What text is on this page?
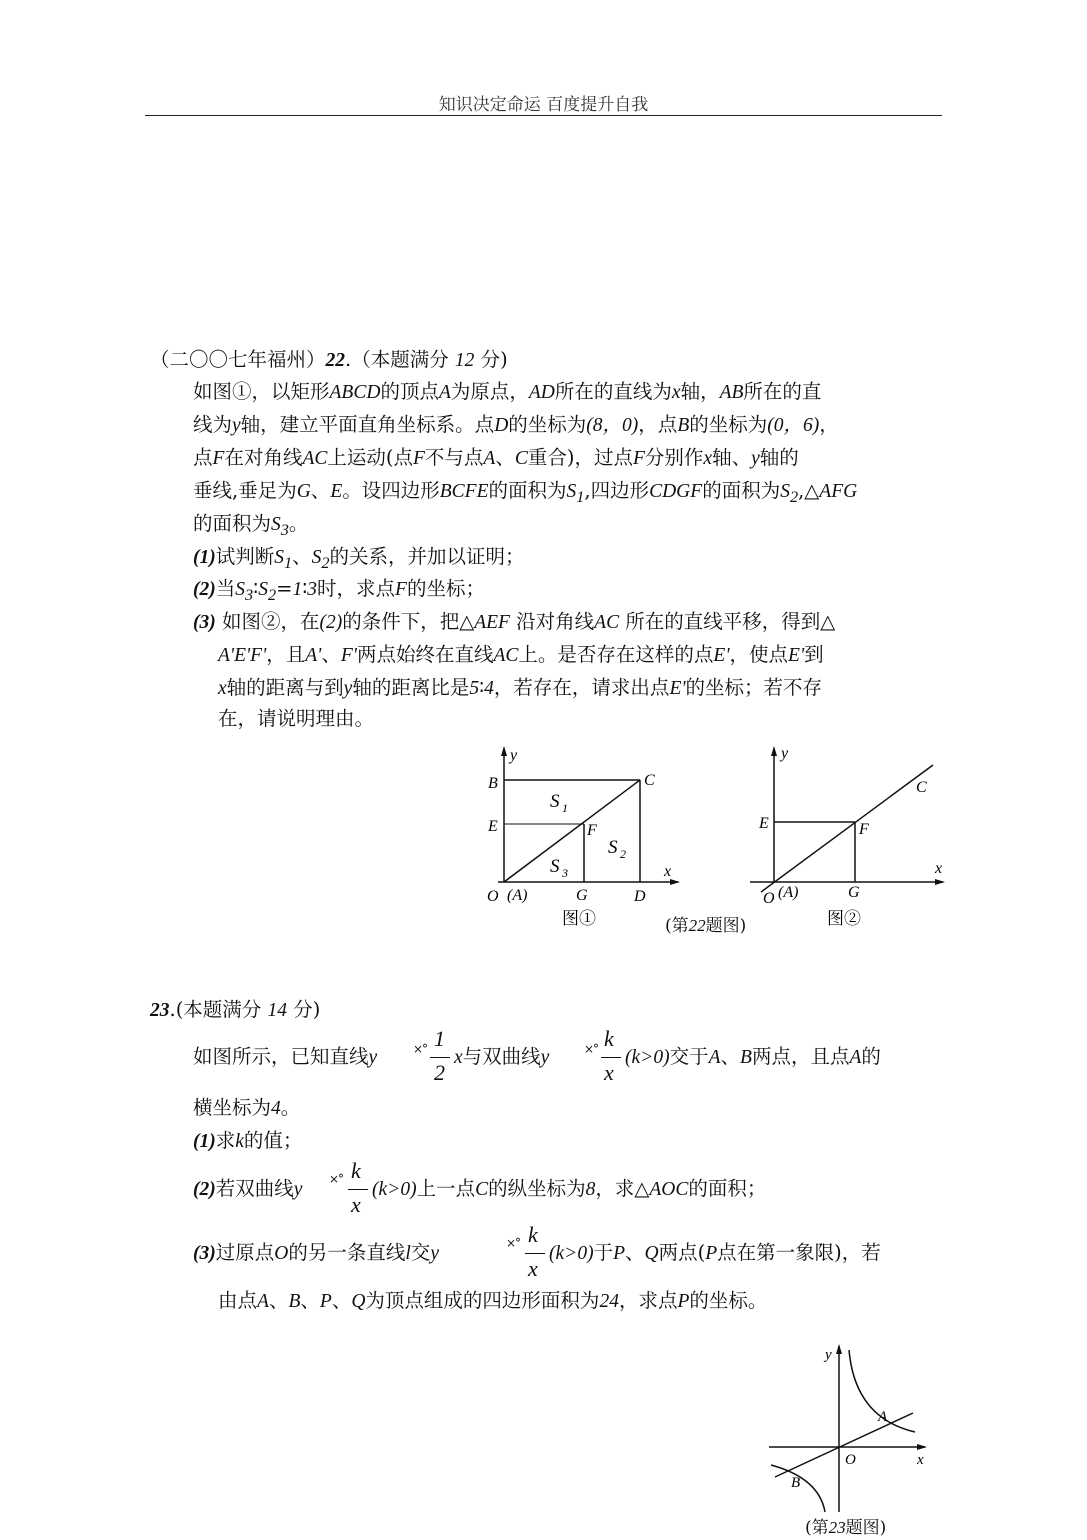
知识决定命运 百度提升自我
（二〇〇七年福州）22.（本题满分 12 分)
如图①，以矩形ABCD的顶点A为原点，AD所在的直线为x轴，AB所在的直
线为y轴，建立平面直角坐标系。点D的坐标为(8，0)，点B的坐标为(0，6)，
点F在对角线AC上运动(点F不与点A、C重合)，过点F分别作x轴、y轴的
垂线,垂足为G、E。设四边形BCFE的面积为$S_1$,四边形CDGF的面积为$S_2,\triangle AFG$
的面积为$S_3$。
(1)试判断$S_1$、$S_2$的关系，并加以证明；
(2)当$S_3∶S_2=1∶3$时，求点F的坐标；
(3) 如图②，在(2)的条件下，把△AEF 沿对角线AC 所在的直线平移，得到△
A'E'F'，且A'、F'两点始终在直线AC上。是否存在这样的点E'，使点E'到
x轴的距离与到y轴的距离比是5∶4，若存在，请求出点E'的坐标；若不存
在，请说明理由。
y
x
B	C
E	F
O (A)	G	D
S 1
S 2
S 3
图①
y
x
C
E	F
O (A)	G
图②
(第22题图)
23.(本题满分 14 分)
如图所示，已知直线y	×° 1
2
x与双曲线y	×° k
x
(k>0)交于A、B两点，且点A的
横坐标为4。
(1)求k的值；
(2)若双曲线y ×° k
x
(k>0)上一点C的纵坐标为8，求△AOC的面积；
(3)过原点O的另一条直线l交y	×° k
x
(k>0)于P、Q两点(P点在第一象限)，若
由点A、B、P、Q为顶点组成的四边形面积为24，求点P的坐标。
y
x
O
A
B
(第23题图)
